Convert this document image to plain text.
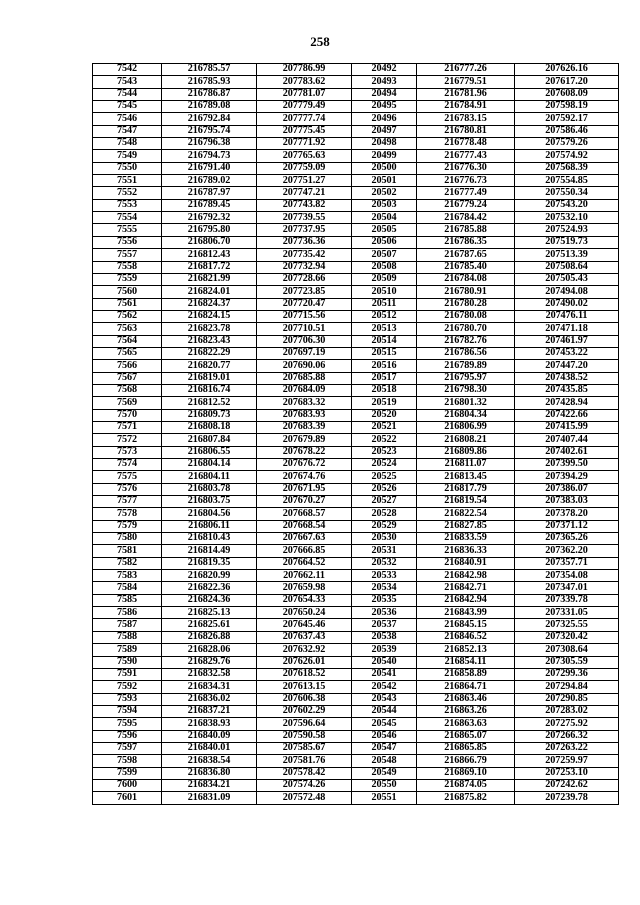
258
7542	216785.57	207786.99	20492	216777.26	207626.16
7543	216785.93	207783.62	20493	216779.51	207617.20
7544	216786.87	207781.07	20494	216781.96	207608.09
7545	216789.08	207779.49	20495	216784.91	207598.19
7546	216792.84	207777.74	20496	216783.15	207592.17
7547	216795.74	207775.45	20497	216780.81	207586.46
7548	216796.38	207771.92	20498	216778.48	207579.26
7549	216794.73	207765.63	20499	216777.43	207574.92
7550	216791.40	207759.09	20500	216776.30	207568.39
7551	216789.02	207751.27	20501	216776.73	207554.85
7552	216787.97	207747.21	20502	216777.49	207550.34
7553	216789.45	207743.82	20503	216779.24	207543.20
7554	216792.32	207739.55	20504	216784.42	207532.10
7555	216795.80	207737.95	20505	216785.88	207524.93
7556	216806.70	207736.36	20506	216786.35	207519.73
7557	216812.43	207735.42	20507	216787.65	207513.39
7558	216817.72	207732.94	20508	216785.40	207508.64
7559	216821.99	207728.66	20509	216784.08	207505.43
7560	216824.01	207723.85	20510	216780.91	207494.08
7561	216824.37	207720.47	20511	216780.28	207490.02
7562	216824.15	207715.56	20512	216780.08	207476.11
7563	216823.78	207710.51	20513	216780.70	207471.18
7564	216823.43	207706.30	20514	216782.76	207461.97
7565	216822.29	207697.19	20515	216786.56	207453.22
7566	216820.77	207690.06	20516	216789.89	207447.20
7567	216819.01	207685.88	20517	216795.97	207438.52
7568	216816.74	207684.09	20518	216798.30	207435.85
7569	216812.52	207683.32	20519	216801.32	207428.94
7570	216809.73	207683.93	20520	216804.34	207422.66
7571	216808.18	207683.39	20521	216806.99	207415.99
7572	216807.84	207679.89	20522	216808.21	207407.44
7573	216806.55	207678.22	20523	216809.86	207402.61
7574	216804.14	207676.72	20524	216811.07	207399.50
7575	216804.11	207674.76	20525	216813.45	207394.29
7576	216803.78	207671.95	20526	216817.79	207386.07
7577	216803.75	207670.27	20527	216819.54	207383.03
7578	216804.56	207668.57	20528	216822.54	207378.20
7579	216806.11	207668.54	20529	216827.85	207371.12
7580	216810.43	207667.63	20530	216833.59	207365.26
7581	216814.49	207666.85	20531	216836.33	207362.20
7582	216819.35	207664.52	20532	216840.91	207357.71
7583	216820.99	207662.11	20533	216842.98	207354.08
7584	216822.36	207659.98	20534	216842.71	207347.01
7585	216824.36	207654.33	20535	216842.94	207339.78
7586	216825.13	207650.24	20536	216843.99	207331.05
7587	216825.61	207645.46	20537	216845.15	207325.55
7588	216826.88	207637.43	20538	216846.52	207320.42
7589	216828.06	207632.92	20539	216852.13	207308.64
7590	216829.76	207626.01	20540	216854.11	207305.59
7591	216832.58	207618.52	20541	216858.89	207299.36
7592	216834.31	207613.15	20542	216864.71	207294.84
7593	216836.02	207606.38	20543	216863.46	207290.85
7594	216837.21	207602.29	20544	216863.26	207283.02
7595	216838.93	207596.64	20545	216863.63	207275.92
7596	216840.09	207590.58	20546	216865.07	207266.32
7597	216840.01	207585.67	20547	216865.85	207263.22
7598	216838.54	207581.76	20548	216866.79	207259.97
7599	216836.80	207578.42	20549	216869.10	207253.10
7600	216834.21	207574.26	20550	216874.05	207242.62
7601	216831.09	207572.48	20551	216875.82	207239.78
